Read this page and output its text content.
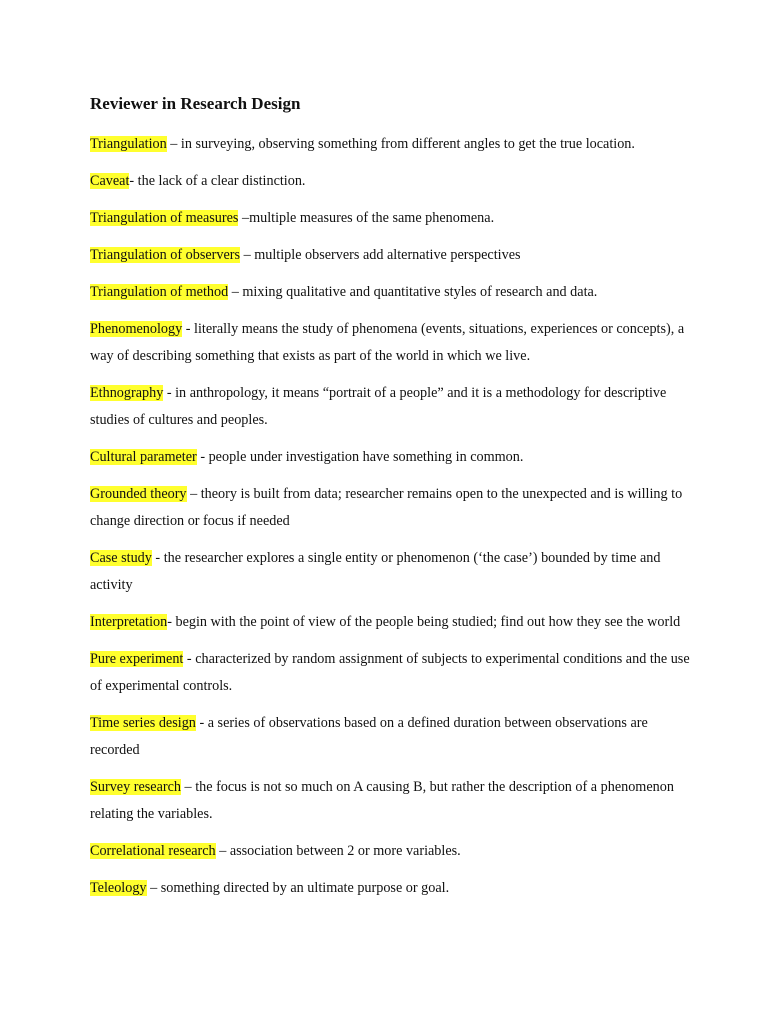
Reviewer in Research Design

Triangulation – in surveying, observing something from different angles to get the true location.

Caveat- the lack of a clear distinction.

Triangulation of measures –multiple measures of the same phenomena.

Triangulation of observers – multiple observers add alternative perspectives

Triangulation of method – mixing qualitative and quantitative styles of research and data.

Phenomenology - literally means the study of phenomena (events, situations, experiences or concepts), a way of describing something that exists as part of the world in which we live.

Ethnography - in anthropology, it means “portrait of a people” and it is a methodology for descriptive studies of cultures and peoples.

Cultural parameter - people under investigation have something in common.

Grounded theory – theory is built from data; researcher remains open to the unexpected and is willing to change direction or focus if needed

Case study - the researcher explores a single entity or phenomenon (‘the case’) bounded by time and activity

Interpretation- begin with the point of view of the people being studied; find out how they see the world

Pure experiment - characterized by random assignment of subjects to experimental conditions and the use of experimental controls.

Time series design - a series of observations based on a defined duration between observations are recorded

Survey research – the focus is not so much on A causing B, but rather the description of a phenomenon relating the variables.

Correlational research – association between 2 or more variables.

Teleology – something directed by an ultimate purpose or goal.
